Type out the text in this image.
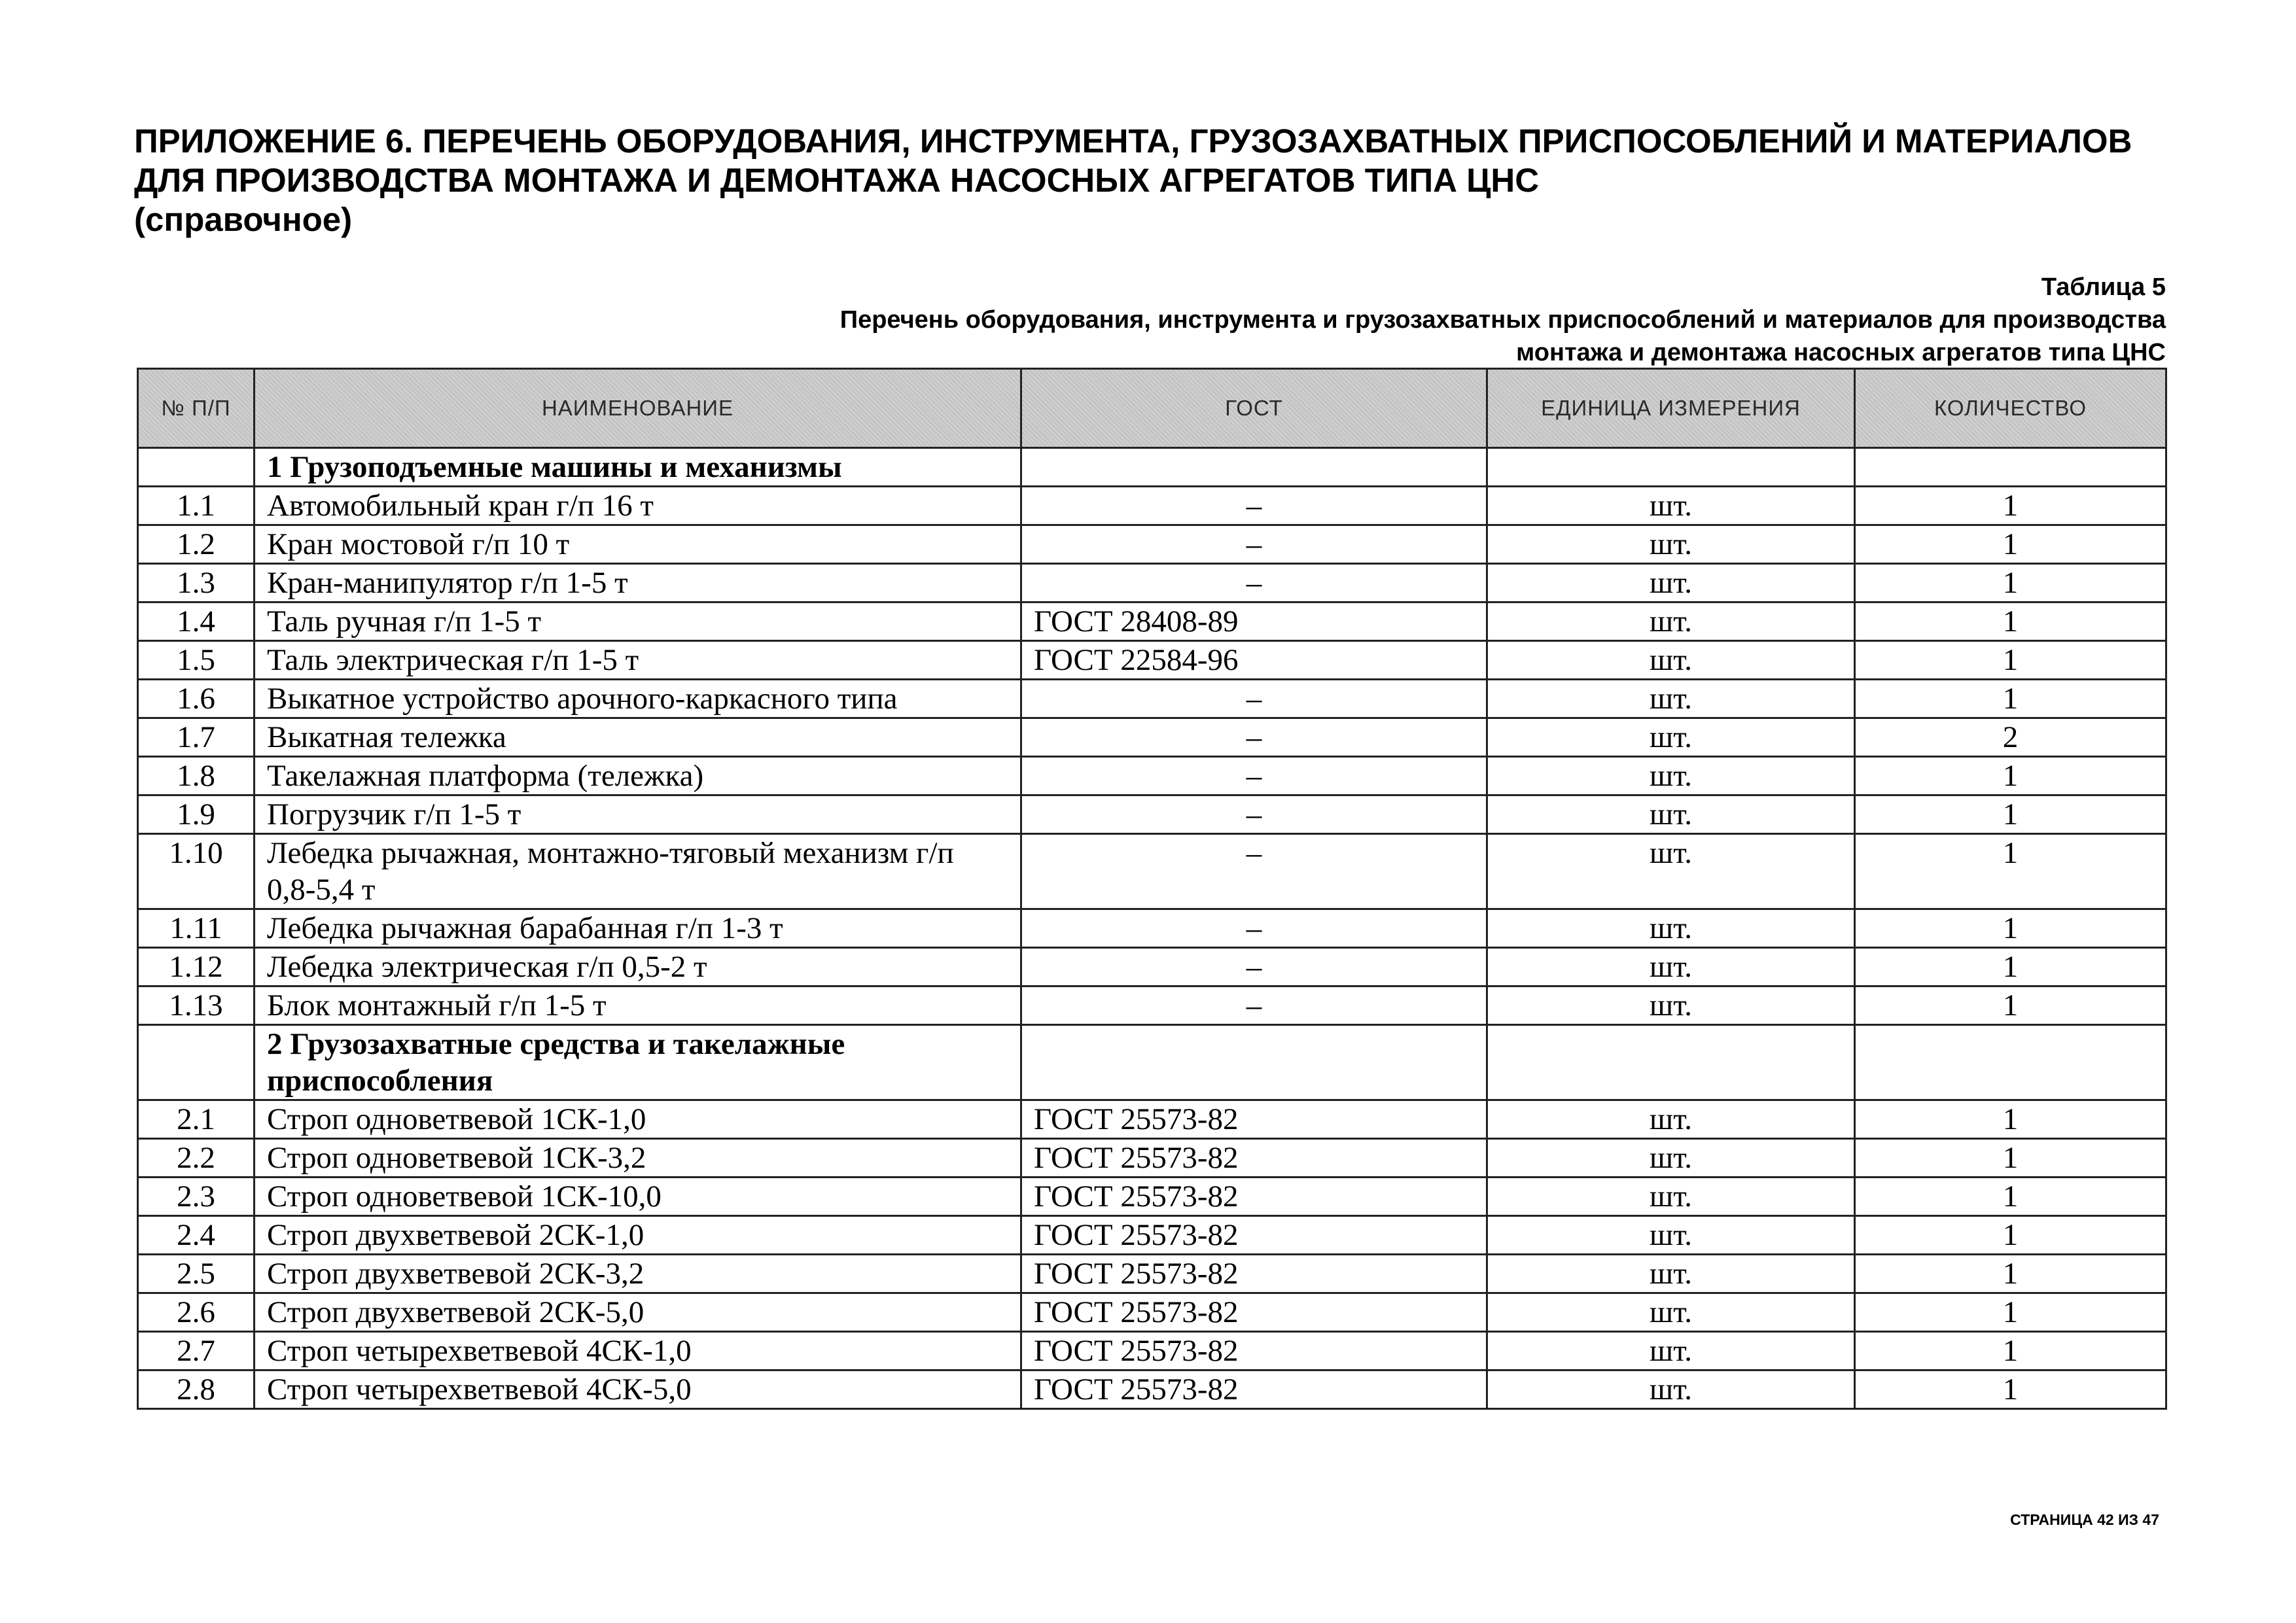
ПРИЛОЖЕНИЕ 6. ПЕРЕЧЕНЬ ОБОРУДОВАНИЯ, ИНСТРУМЕНТА, ГРУЗОЗАХВАТНЫХ ПРИСПОСОБЛЕНИЙ И МАТЕРИАЛОВ
ДЛЯ ПРОИЗВОДСТВА МОНТАЖА И ДЕМОНТАЖА НАСОСНЫХ АГРЕГАТОВ ТИПА ЦНС
(справочное)
Таблица 5
Перечень оборудования, инструмента и грузозахватных приспособлений и материалов для производства
монтажа и демонтажа насосных агрегатов типа ЦНС
№ П/П	НАИМЕНОВАНИЕ	ГОСТ	ЕДИНИЦА ИЗМЕРЕНИЯ	КОЛИЧЕСТВО
	1 Грузоподъемные машины и механизмы			
1.1	Автомобильный кран г/п 16 т	–	шт.	1
1.2	Кран мостовой г/п 10 т	–	шт.	1
1.3	Кран-манипулятор г/п 1-5 т	–	шт.	1
1.4	Таль ручная г/п 1-5 т	ГОСТ 28408-89	шт.	1
1.5	Таль электрическая г/п 1-5 т	ГОСТ 22584-96	шт.	1
1.6	Выкатное устройство арочного-каркасного типа	–	шт.	1
1.7	Выкатная тележка	–	шт.	2
1.8	Такелажная платформа (тележка)	–	шт.	1
1.9	Погрузчик г/п 1-5 т	–	шт.	1
1.10	Лебедка рычажная, монтажно-тяговый механизм г/п 0,8-5,4 т	–	шт.	1
1.11	Лебедка рычажная барабанная г/п 1-3 т	–	шт.	1
1.12	Лебедка электрическая г/п 0,5-2 т	–	шт.	1
1.13	Блок монтажный г/п 1-5 т	–	шт.	1
	2 Грузозахватные средства и такелажные приспособления			
2.1	Строп одноветвевой 1СК-1,0	ГОСТ 25573-82	шт.	1
2.2	Строп одноветвевой 1СК-3,2	ГОСТ 25573-82	шт.	1
2.3	Строп одноветвевой 1СК-10,0	ГОСТ 25573-82	шт.	1
2.4	Строп двухветвевой 2СК-1,0	ГОСТ 25573-82	шт.	1
2.5	Строп двухветвевой 2СК-3,2	ГОСТ 25573-82	шт.	1
2.6	Строп двухветвевой 2СК-5,0	ГОСТ 25573-82	шт.	1
2.7	Строп четырехветвевой 4СК-1,0	ГОСТ 25573-82	шт.	1
2.8	Строп четырехветвевой 4СК-5,0	ГОСТ 25573-82	шт.	1
СТРАНИЦА 42 ИЗ 47
